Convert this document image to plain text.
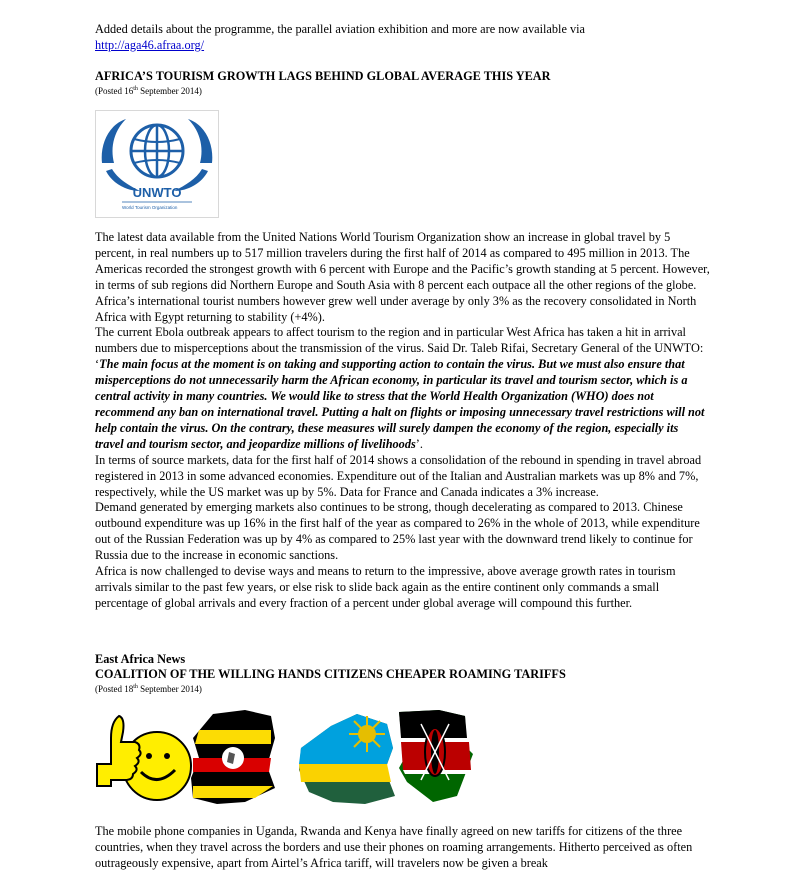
Added details about the programme, the parallel aviation exhibition and more are now available via

http://aga46.afraa.org/

AFRICA’S TOURISM GROWTH LAGS BEHIND GLOBAL AVERAGE THIS YEAR

(Posted 16th September 2014)

UNWTO
World Tourism Organization

The latest data available from the United Nations World Tourism Organization show an increase in global travel by 5 percent, in real numbers up to 517 million travelers during the first half of 2014 as compared to 495 million in 2013. The Americas recorded the strongest growth with 6 percent with Europe and the Pacific’s growth standing at 5 percent. However, in terms of sub regions did Northern Europe and South Asia with 8 percent each outpace all the other regions of the globe.

Africa’s international tourist numbers however grew well under average by only 3% as the recovery consolidated in North Africa with Egypt returning to stability (+4%).

The current Ebola outbreak appears to affect tourism to the region and in particular West Africa has taken a hit in arrival numbers due to misperceptions about the transmission of the virus. Said Dr. Taleb Rifai, Secretary General of the UNWTO: ‘The main focus at the moment is on taking and supporting action to contain the virus. But we must also ensure that misperceptions do not unnecessarily harm the African economy, in particular its travel and tourism sector, which is a central activity in many countries. We would like to stress that the World Health Organization (WHO) does not recommend any ban on international travel. Putting a halt on flights or imposing unnecessary travel restrictions will not help contain the virus. On the contrary, these measures will surely dampen the economy of the region, especially its travel and tourism sector, and jeopardize millions of livelihoods’.

In terms of source markets, data for the first half of 2014 shows a consolidation of the rebound in spending in travel abroad registered in 2013 in some advanced economies. Expenditure out of the Italian and Australian markets was up 8% and 7%, respectively, while the US market was up by 5%. Data for France and Canada indicates a 3% increase.

Demand generated by emerging markets also continues to be strong, though decelerating as compared to 2013. Chinese outbound expenditure was up 16% in the first half of the year as compared to 26% in the whole of 2013, while expenditure out of the Russian Federation was up by 4% as compared to 25% last year with the downward trend likely to continue for Russia due to the increase in economic sanctions.

Africa is now challenged to devise ways and means to return to the impressive, above average growth rates in tourism arrivals similar to the past few years, or else risk to slide back again as the entire continent only commands a small percentage of global arrivals and every fraction of a percent under global average will compound this further.

East Africa News

COALITION OF THE WILLING HANDS CITIZENS CHEAPER ROAMING TARIFFS

(Posted 18th September 2014)

The mobile phone companies in Uganda, Rwanda and Kenya have finally agreed on new tariffs for citizens of the three countries, when they travel across the borders and use their phones on roaming arrangements. Hitherto perceived as often outrageously expensive, apart from Airtel’s Africa tariff, will travelers now be given a break
